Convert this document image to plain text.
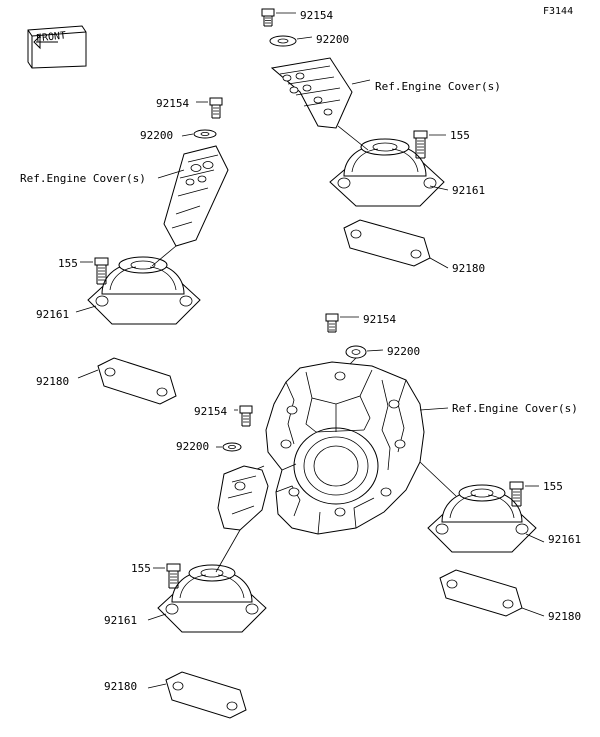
F3144
FRONT
92154
92200
Ref.Engine Cover(s)
155
92161
92180
92154
92200
Ref.Engine Cover(s)
155
92161
92180
92154
92200
Ref.Engine Cover(s)
92154
92200
155
92161
92180
155
92161
92180
